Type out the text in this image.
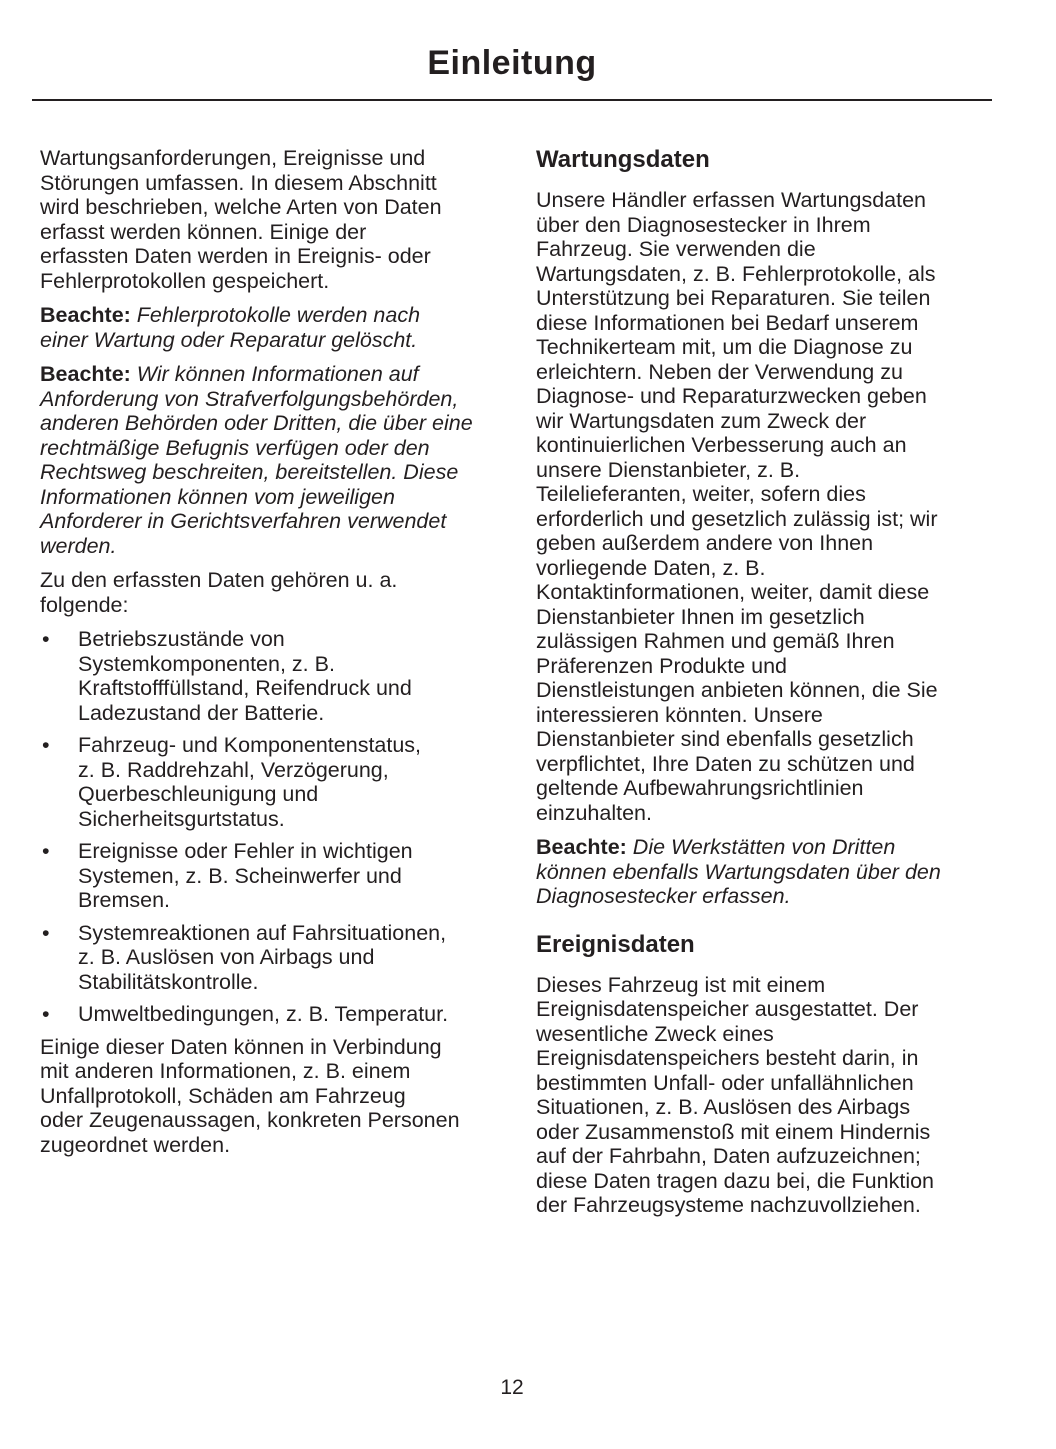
Einleitung
Wartungsanforderungen, Ereignisse und
Störungen umfassen. In diesem Abschnitt
wird beschrieben, welche Arten von Daten
erfasst werden können. Einige der
erfassten Daten werden in Ereignis- oder
Fehlerprotokollen gespeichert.
Beachte: Fehlerprotokolle werden nach
einer Wartung oder Reparatur gelöscht.
Beachte: Wir können Informationen auf
Anforderung von Strafverfolgungsbehörden,
anderen Behörden oder Dritten, die über eine
rechtmäßige Befugnis verfügen oder den
Rechtsweg beschreiten, bereitstellen. Diese
Informationen können vom jeweiligen
Anforderer in Gerichtsverfahren verwendet
werden.
Zu den erfassten Daten gehören u. a.
folgende:
• Betriebszustände von
Systemkomponenten, z. B.
Kraftstofffüllstand, Reifendruck und
Ladezustand der Batterie.
• Fahrzeug- und Komponentenstatus,
z. B. Raddrehzahl, Verzögerung,
Querbeschleunigung und
Sicherheitsgurtstatus.
• Ereignisse oder Fehler in wichtigen
Systemen, z. B. Scheinwerfer und
Bremsen.
• Systemreaktionen auf Fahrsituationen,
z. B. Auslösen von Airbags und
Stabilitätskontrolle.
• Umweltbedingungen, z. B. Temperatur.
Einige dieser Daten können in Verbindung
mit anderen Informationen, z. B. einem
Unfallprotokoll, Schäden am Fahrzeug
oder Zeugenaussagen, konkreten Personen
zugeordnet werden.
Wartungsdaten
Unsere Händler erfassen Wartungsdaten
über den Diagnosestecker in Ihrem
Fahrzeug. Sie verwenden die
Wartungsdaten, z. B. Fehlerprotokolle, als
Unterstützung bei Reparaturen. Sie teilen
diese Informationen bei Bedarf unserem
Technikerteam mit, um die Diagnose zu
erleichtern. Neben der Verwendung zu
Diagnose- und Reparaturzwecken geben
wir Wartungsdaten zum Zweck der
kontinuierlichen Verbesserung auch an
unsere Dienstanbieter, z. B.
Teilelieferanten, weiter, sofern dies
erforderlich und gesetzlich zulässig ist; wir
geben außerdem andere von Ihnen
vorliegende Daten, z. B.
Kontaktinformationen, weiter, damit diese
Dienstanbieter Ihnen im gesetzlich
zulässigen Rahmen und gemäß Ihren
Präferenzen Produkte und
Dienstleistungen anbieten können, die Sie
interessieren könnten. Unsere
Dienstanbieter sind ebenfalls gesetzlich
verpflichtet, Ihre Daten zu schützen und
geltende Aufbewahrungsrichtlinien
einzuhalten.
Beachte: Die Werkstätten von Dritten
können ebenfalls Wartungsdaten über den
Diagnosestecker erfassen.
Ereignisdaten
Dieses Fahrzeug ist mit einem
Ereignisdatenspeicher ausgestattet. Der
wesentliche Zweck eines
Ereignisdatenspeichers besteht darin, in
bestimmten Unfall- oder unfallähnlichen
Situationen, z. B. Auslösen des Airbags
oder Zusammenstoß mit einem Hindernis
auf der Fahrbahn, Daten aufzuzeichnen;
diese Daten tragen dazu bei, die Funktion
der Fahrzeugsysteme nachzuvollziehen.
12
